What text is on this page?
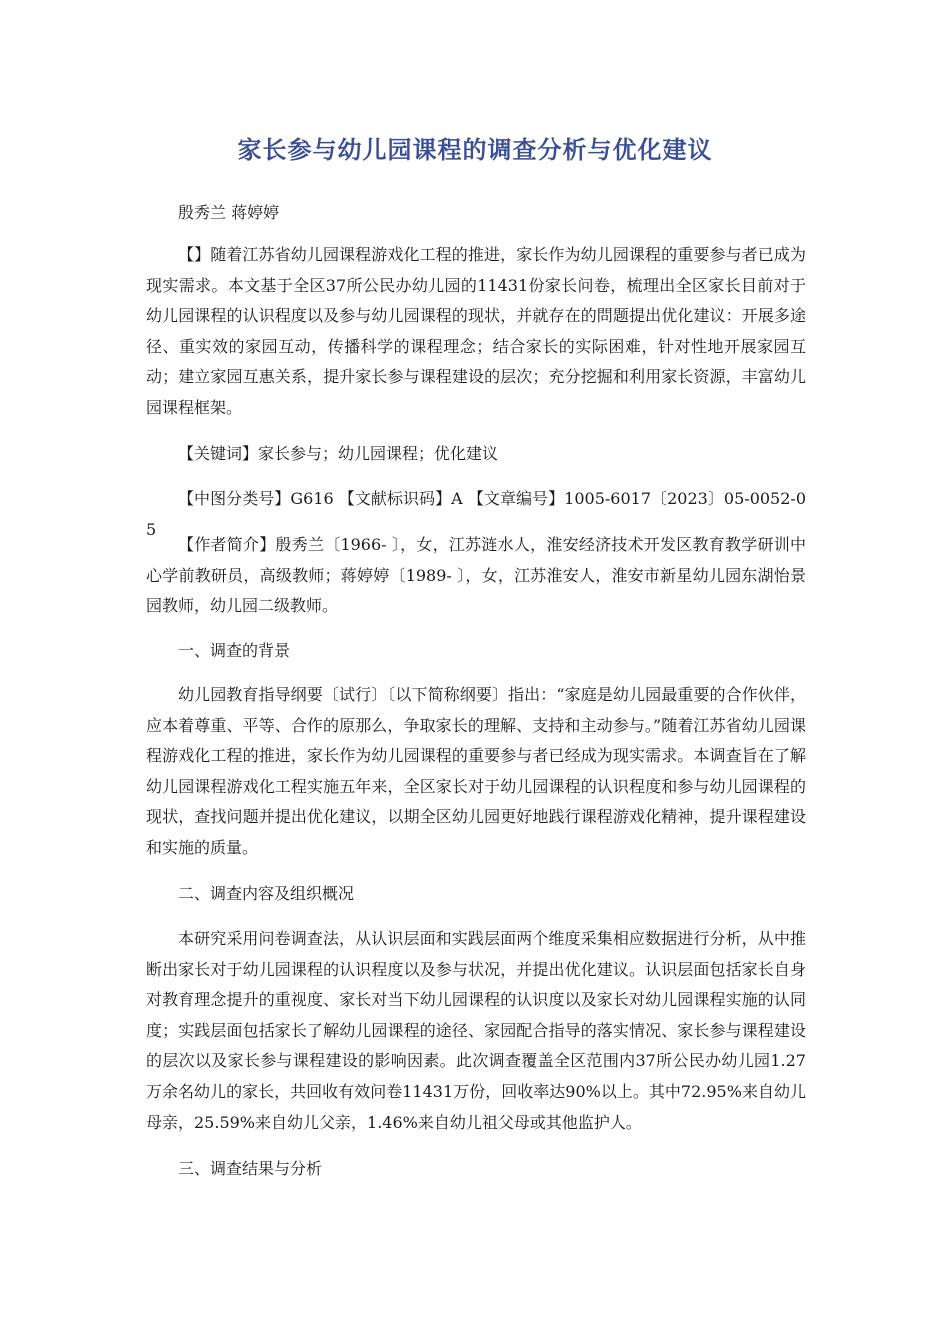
家长参与幼儿园课程的调查分析与优化建议

殷秀兰 蒋婷婷

【】随着江苏省幼儿园课程游戏化工程的推进，家长作为幼儿园课程的重要参与者已成为现实需求。本文基于全区37所公民办幼儿园的11431份家长问卷，梳理出全区家长目前对于幼儿园课程的认识程度以及参与幼儿园课程的现状，并就存在的問题提出优化建议：开展多途径、重实效的家园互动，传播科学的课程理念；结合家长的实际困难，针对性地开展家园互动；建立家园互惠关系，提升家长参与课程建设的层次；充分挖掘和利用家长资源，丰富幼儿园课程框架。

【关键词】家长参与；幼儿园课程；优化建议

【中图分类号】G616 【文献标识码】A 【文章编号】1005-6017〔2023〕05-0052-05

【作者简介】殷秀兰〔1966- 〕，女，江苏涟水人，淮安经济技术开发区教育教学研训中心学前教研员，高级教师；蒋婷婷〔1989- 〕，女，江苏淮安人，淮安市新星幼儿园东湖怡景园教师，幼儿园二级教师。

一、调查的背景

幼儿园教育指导纲要〔试行〕〔以下简称纲要〕指出：“家庭是幼儿园最重要的合作伙伴，应本着尊重、平等、合作的原那么，争取家长的理解、支持和主动参与。”随着江苏省幼儿园课程游戏化工程的推进，家长作为幼儿园课程的重要参与者已经成为现实需求。本调查旨在了解幼儿园课程游戏化工程实施五年来，全区家长对于幼儿园课程的认识程度和参与幼儿园课程的现状，查找问题并提出优化建议，以期全区幼儿园更好地践行课程游戏化精神，提升课程建设和实施的质量。

二、调查内容及组织概况

本研究采用问卷调查法，从认识层面和实践层面两个维度采集相应数据进行分析，从中推断出家长对于幼儿园课程的认识程度以及参与状况，并提出优化建议。认识层面包括家长自身对教育理念提升的重视度、家长对当下幼儿园课程的认识度以及家长对幼儿园课程实施的认同度；实践层面包括家长了解幼儿园课程的途径、家园配合指导的落实情况、家长参与课程建设的层次以及家长参与课程建设的影响因素。此次调查覆盖全区范围内37所公民办幼儿园1.27万余名幼儿的家长，共回收有效问卷11431万份，回收率达90%以上。其中72.95%来自幼儿母亲，25.59%来自幼儿父亲，1.46%来自幼儿祖父母或其他监护人。

三、调查结果与分析
